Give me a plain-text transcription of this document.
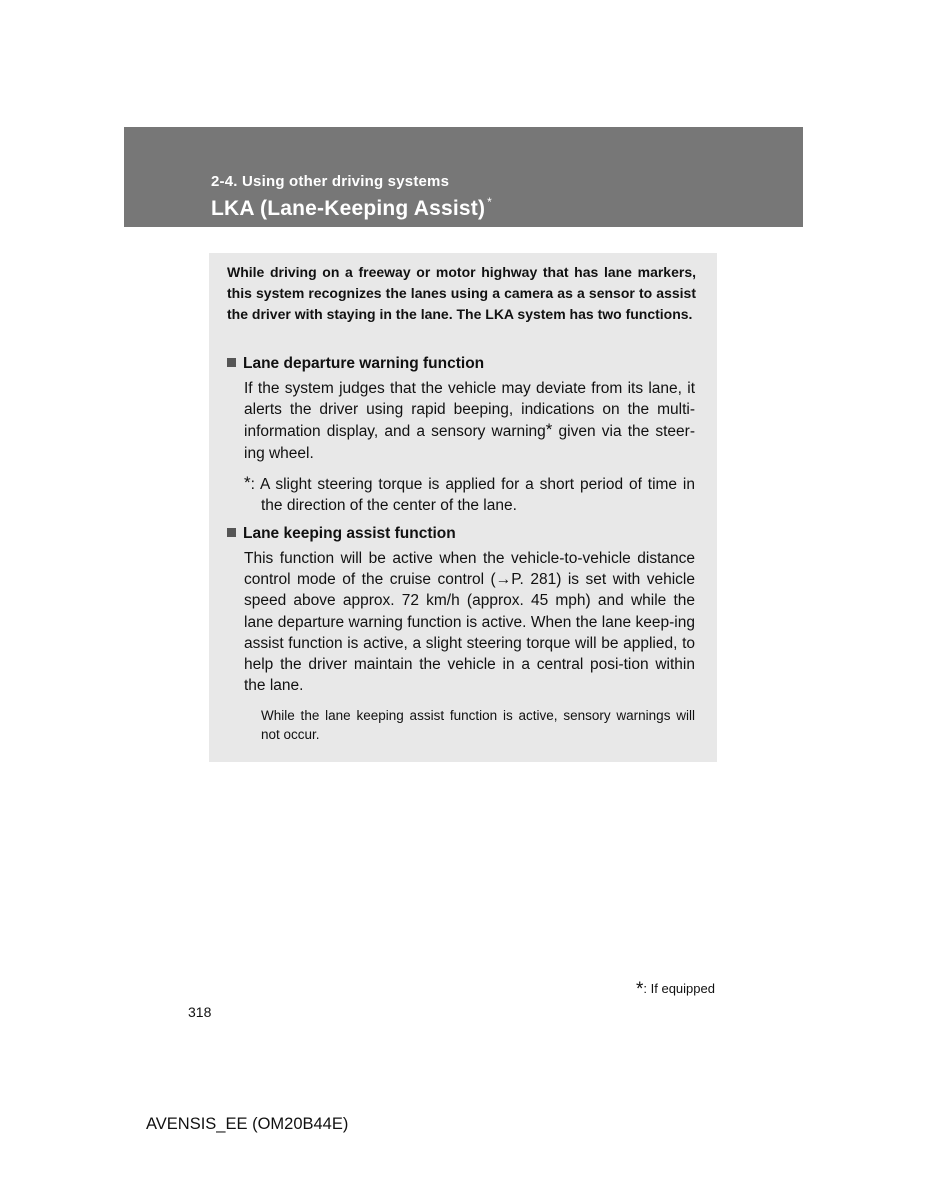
2-4. Using other driving systems
LKA (Lane-Keeping Assist) *
While driving on a freeway or motor highway that has lane markers, this system recognizes the lanes using a camera as a sensor to assist the driver with staying in the lane. The LKA system has two functions.
Lane departure warning function
If the system judges that the vehicle may deviate from its lane, it alerts the driver using rapid beeping, indications on the multi-information display, and a sensory warning* given via the steer-ing wheel.
*: A slight steering torque is applied for a short period of time in the direction of the center of the lane.
Lane keeping assist function
This function will be active when the vehicle-to-vehicle distance control mode of the cruise control (→P. 281) is set with vehicle speed above approx. 72 km/h (approx. 45 mph) and while the lane departure warning function is active. When the lane keep-ing assist function is active, a slight steering torque will be applied, to help the driver maintain the vehicle in a central posi-tion within the lane.
While the lane keeping assist function is active, sensory warnings will not occur.
*: If equipped
318
AVENSIS_EE (OM20B44E)
